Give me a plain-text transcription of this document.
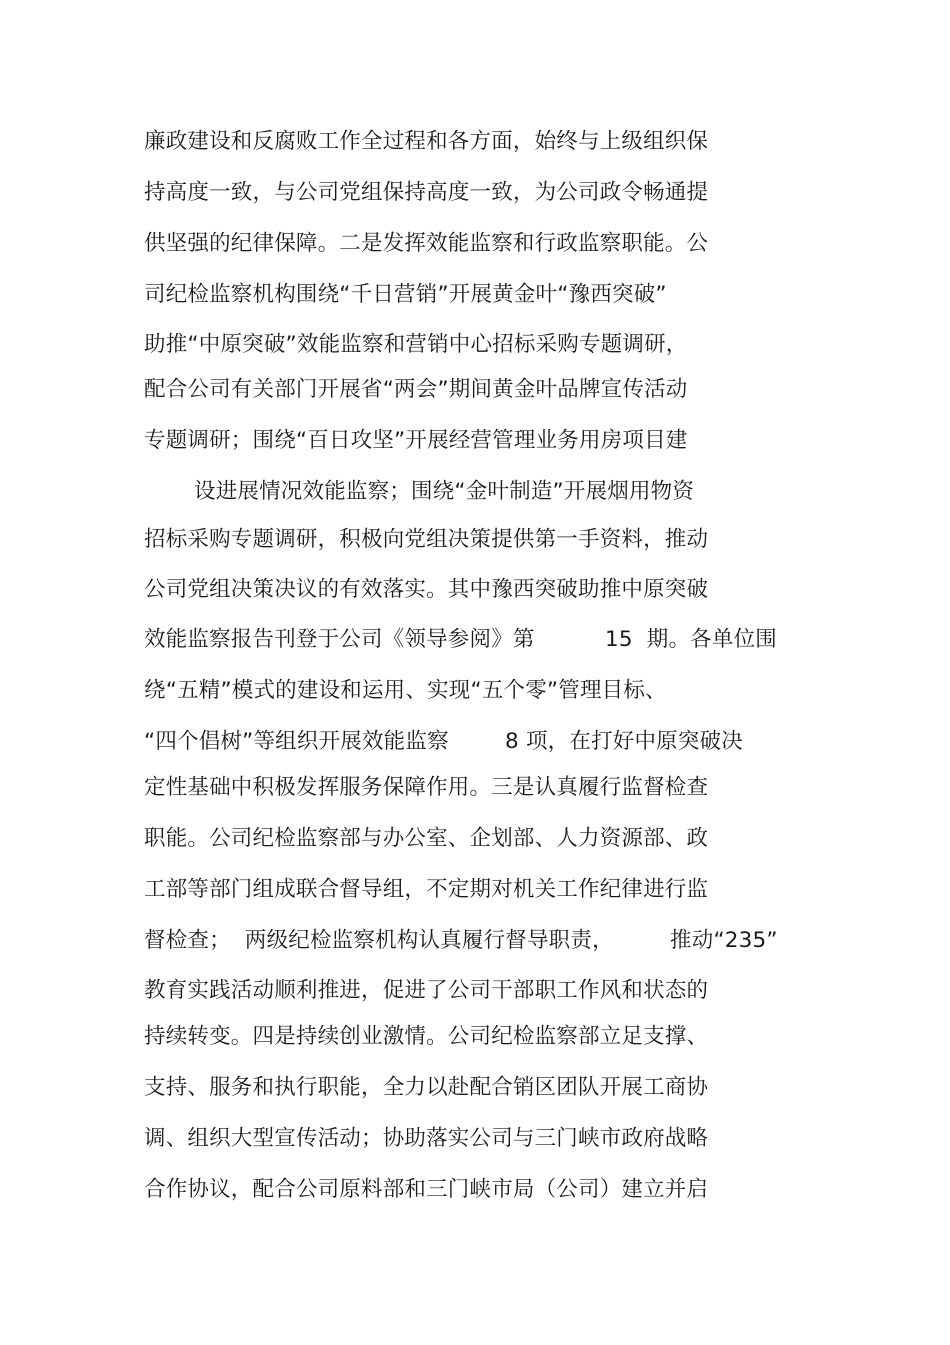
廉政建设和反腐败工作全过程和各方面，始终与上级组织保
持高度一致，与公司党组保持高度一致，为公司政令畅通提
供坚强的纪律保障。二是发挥效能监察和行政监察职能。公
司纪检监察机构围绕“千日营销”开展黄金叶“豫西突破”
助推“中原突破”效能监察和营销中心招标采购专题调研，
配合公司有关部门开展省“两会”期间黄金叶品牌宣传活动
专题调研；围绕“百日攻坚”开展经营管理业务用房项目建
设进展情况效能监察；围绕“金叶制造”开展烟用物资
招标采购专题调研，积极向党组决策提供第一手资料，推动
公司党组决策决议的有效落实。其中豫西突破助推中原突破
效能监察报告刊登于公司《领导参阅》第          15  期。各单位围
绕“五精”模式的建设和运用、实现“五个零”管理目标、
“四个倡树”等组织开展效能监察        8 项，在打好中原突破决
定性基础中积极发挥服务保障作用。三是认真履行监督检查
职能。公司纪检监察部与办公室、企划部、人力资源部、政
工部等部门组成联合督导组，不定期对机关工作纪律进行监
督检查；  两级纪检监察机构认真履行督导职责，        推动“235”
教育实践活动顺利推进，促进了公司干部职工作风和状态的
持续转变。四是持续创业激情。公司纪检监察部立足支撑、
支持、服务和执行职能，全力以赴配合销区团队开展工商协
调、组织大型宣传活动；协助落实公司与三门峡市政府战略
合作协议，配合公司原料部和三门峡市局（公司）建立并启
